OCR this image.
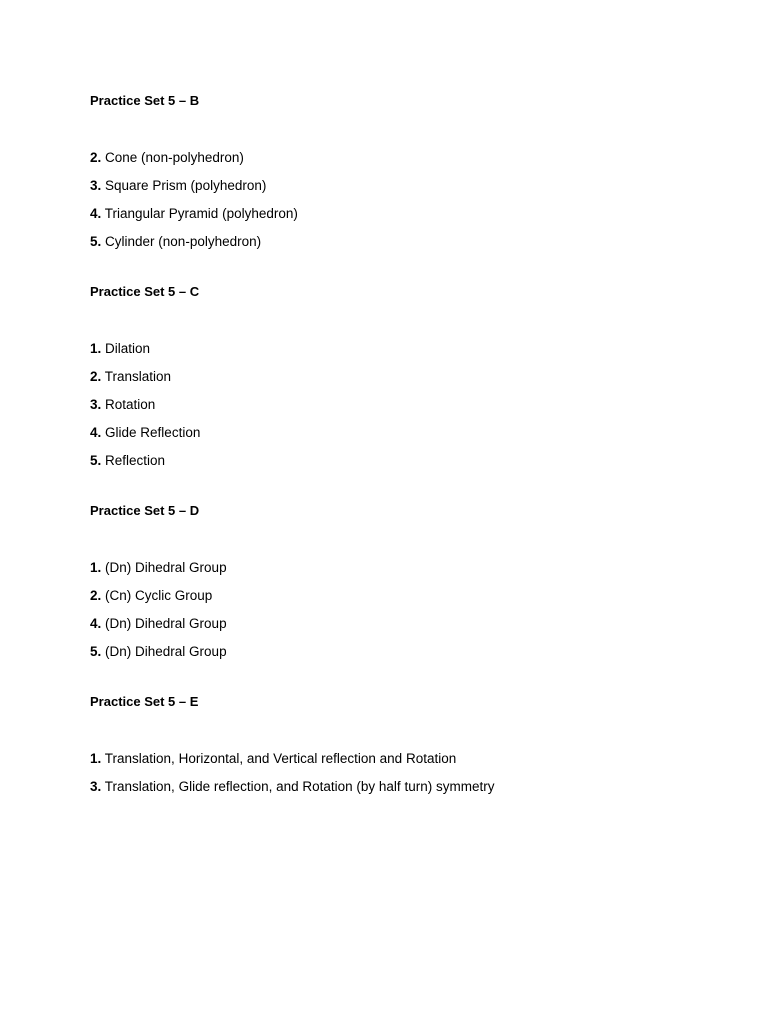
Practice Set 5 – B
2. Cone (non-polyhedron)
3. Square Prism (polyhedron)
4. Triangular Pyramid (polyhedron)
5. Cylinder (non-polyhedron)
Practice Set 5 – C
1. Dilation
2. Translation
3. Rotation
4. Glide Reflection
5. Reflection
Practice Set 5 – D
1. (Dn) Dihedral Group
2. (Cn) Cyclic Group
4. (Dn) Dihedral Group
5. (Dn) Dihedral Group
Practice Set 5 – E
1. Translation, Horizontal, and Vertical reflection and Rotation
3. Translation, Glide reflection, and Rotation (by half turn) symmetry
